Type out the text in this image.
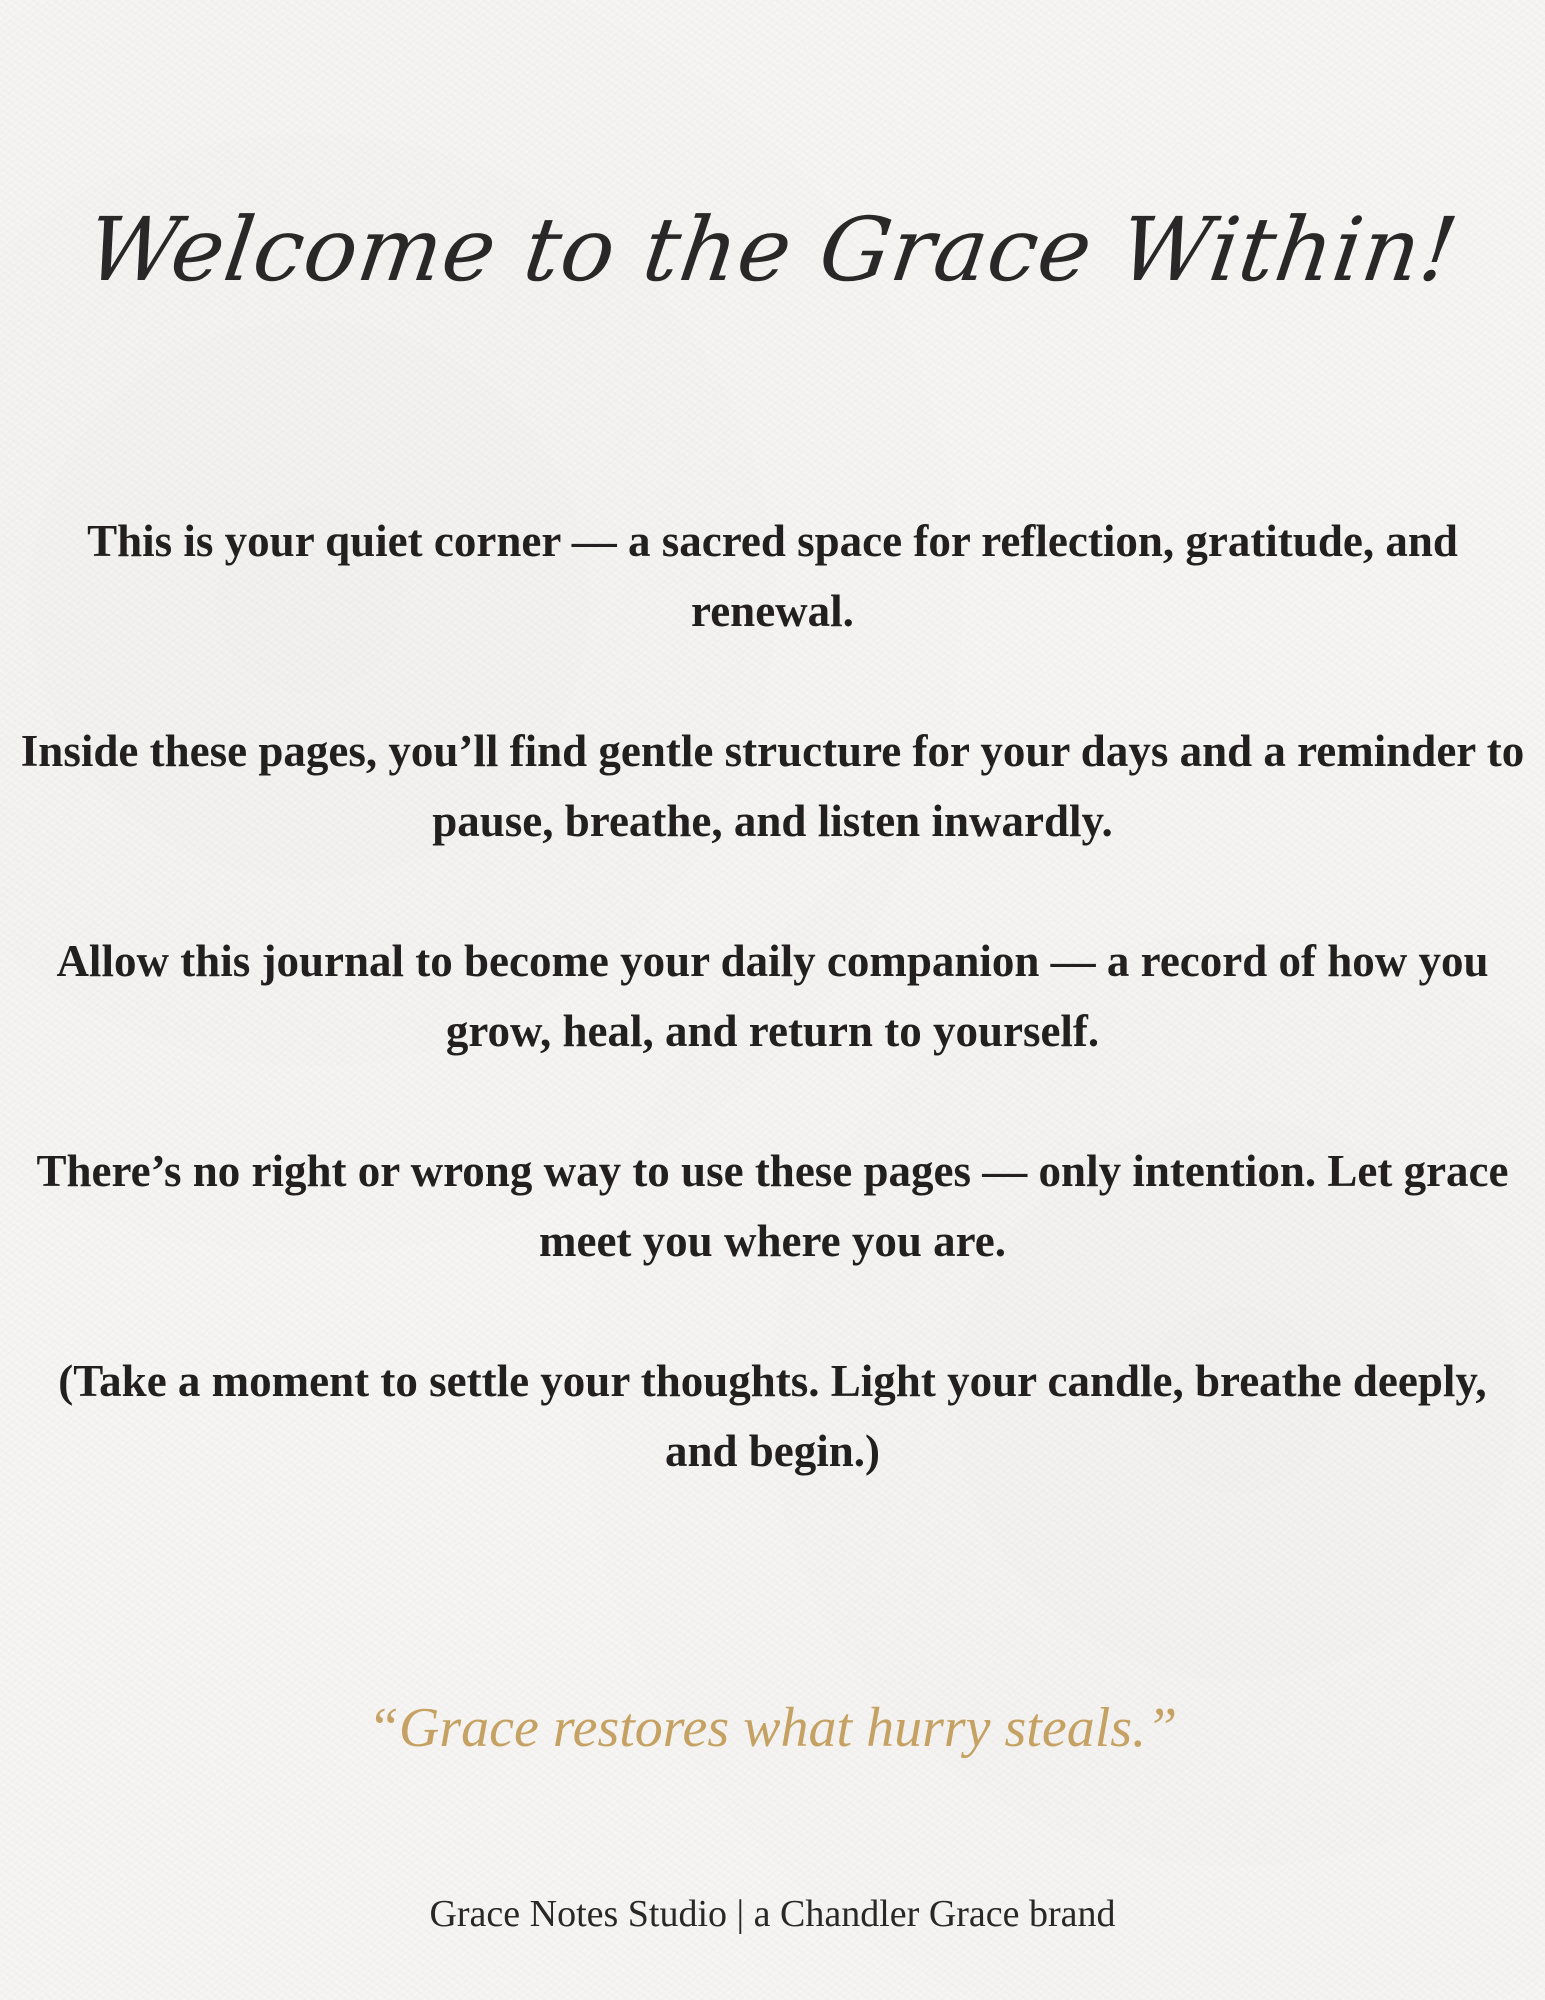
Welcome to the Grace Within!

This is your quiet corner — a sacred space for reflection, gratitude, and renewal.

Inside these pages, you’ll find gentle structure for your days and a reminder to pause, breathe, and listen inwardly.

Allow this journal to become your daily companion — a record of how you grow, heal, and return to yourself.

There’s no right or wrong way to use these pages — only intention. Let grace meet you where you are.

(Take a moment to settle your thoughts. Light your candle, breathe deeply, and begin.)

“Grace restores what hurry steals.”
Grace Notes Studio | a Chandler Grace brand
